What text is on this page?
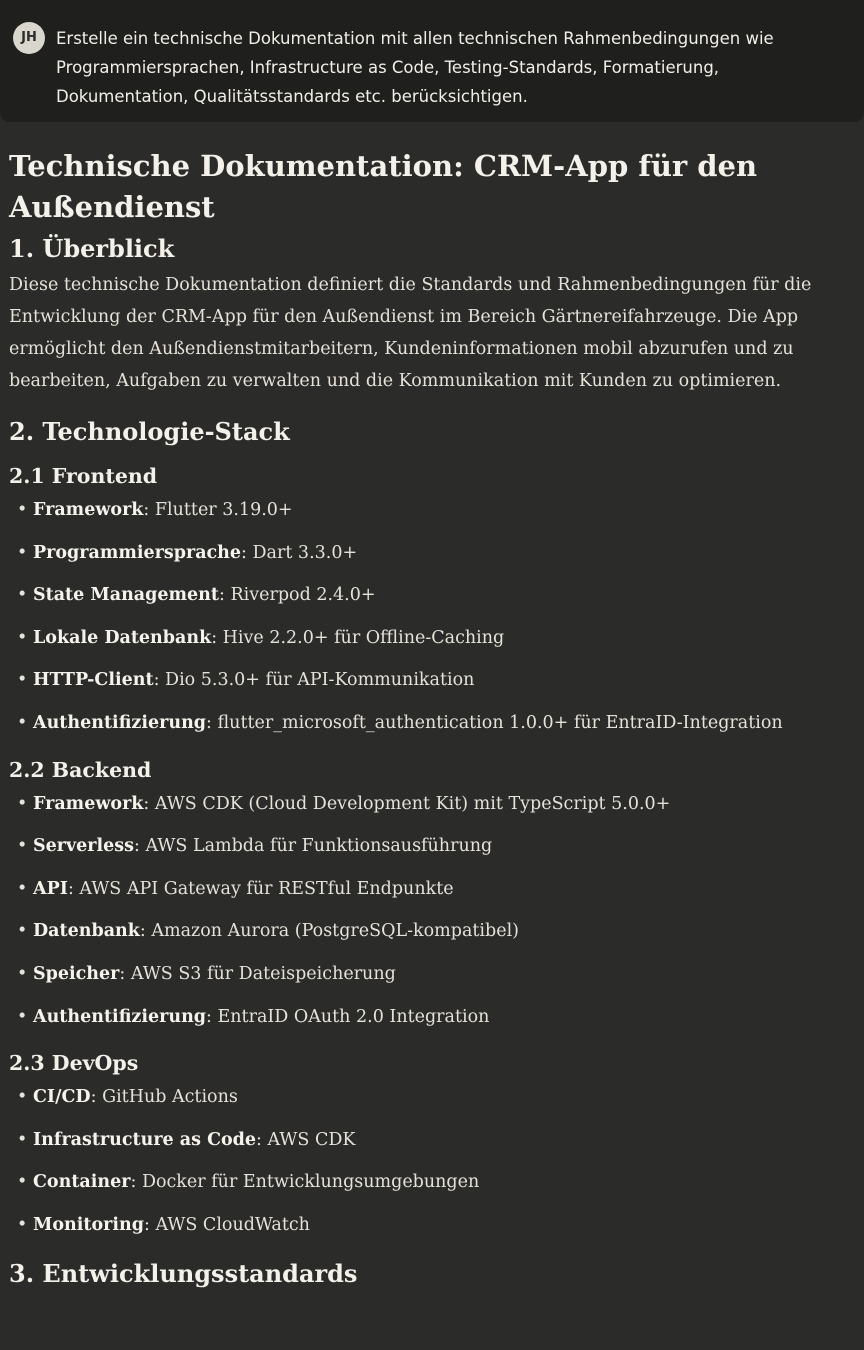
JH	Erstelle ein technische Dokumentation mit allen technischen Rahmenbedingungen wie Programmiersprachen, Infrastructure as Code, Testing-Standards, Formatierung, Dokumentation, Qualitätsstandards etc. berücksichtigen.
Technische Dokumentation: CRM-App für den Außendienst
1. Überblick

Diese technische Dokumentation definiert die Standards und Rahmenbedingungen für die Entwicklung der CRM-App für den Außendienst im Bereich Gärtnereifahrzeuge. Die App ermöglicht den Außendienstmitarbeitern, Kundeninformationen mobil abzurufen und zu bearbeiten, Aufgaben zu verwalten und die Kommunikation mit Kunden zu optimieren.

2. Technologie-Stack
2.1 Frontend
• Framework: Flutter 3.19.0+
• Programmiersprache: Dart 3.3.0+
• State Management: Riverpod 2.4.0+
• Lokale Datenbank: Hive 2.2.0+ für Offline-Caching
• HTTP-Client: Dio 5.3.0+ für API-Kommunikation
• Authentifizierung: flutter_microsoft_authentication 1.0.0+ für EntraID-Integration
2.2 Backend
• Framework: AWS CDK (Cloud Development Kit) mit TypeScript 5.0.0+
• Serverless: AWS Lambda für Funktionsausführung
• API: AWS API Gateway für RESTful Endpunkte
• Datenbank: Amazon Aurora (PostgreSQL-kompatibel)
• Speicher: AWS S3 für Dateispeicherung
• Authentifizierung: EntraID OAuth 2.0 Integration
2.3 DevOps
• CI/CD: GitHub Actions
• Infrastructure as Code: AWS CDK
• Container: Docker für Entwicklungsumgebungen
• Monitoring: AWS CloudWatch
3. Entwicklungsstandards
